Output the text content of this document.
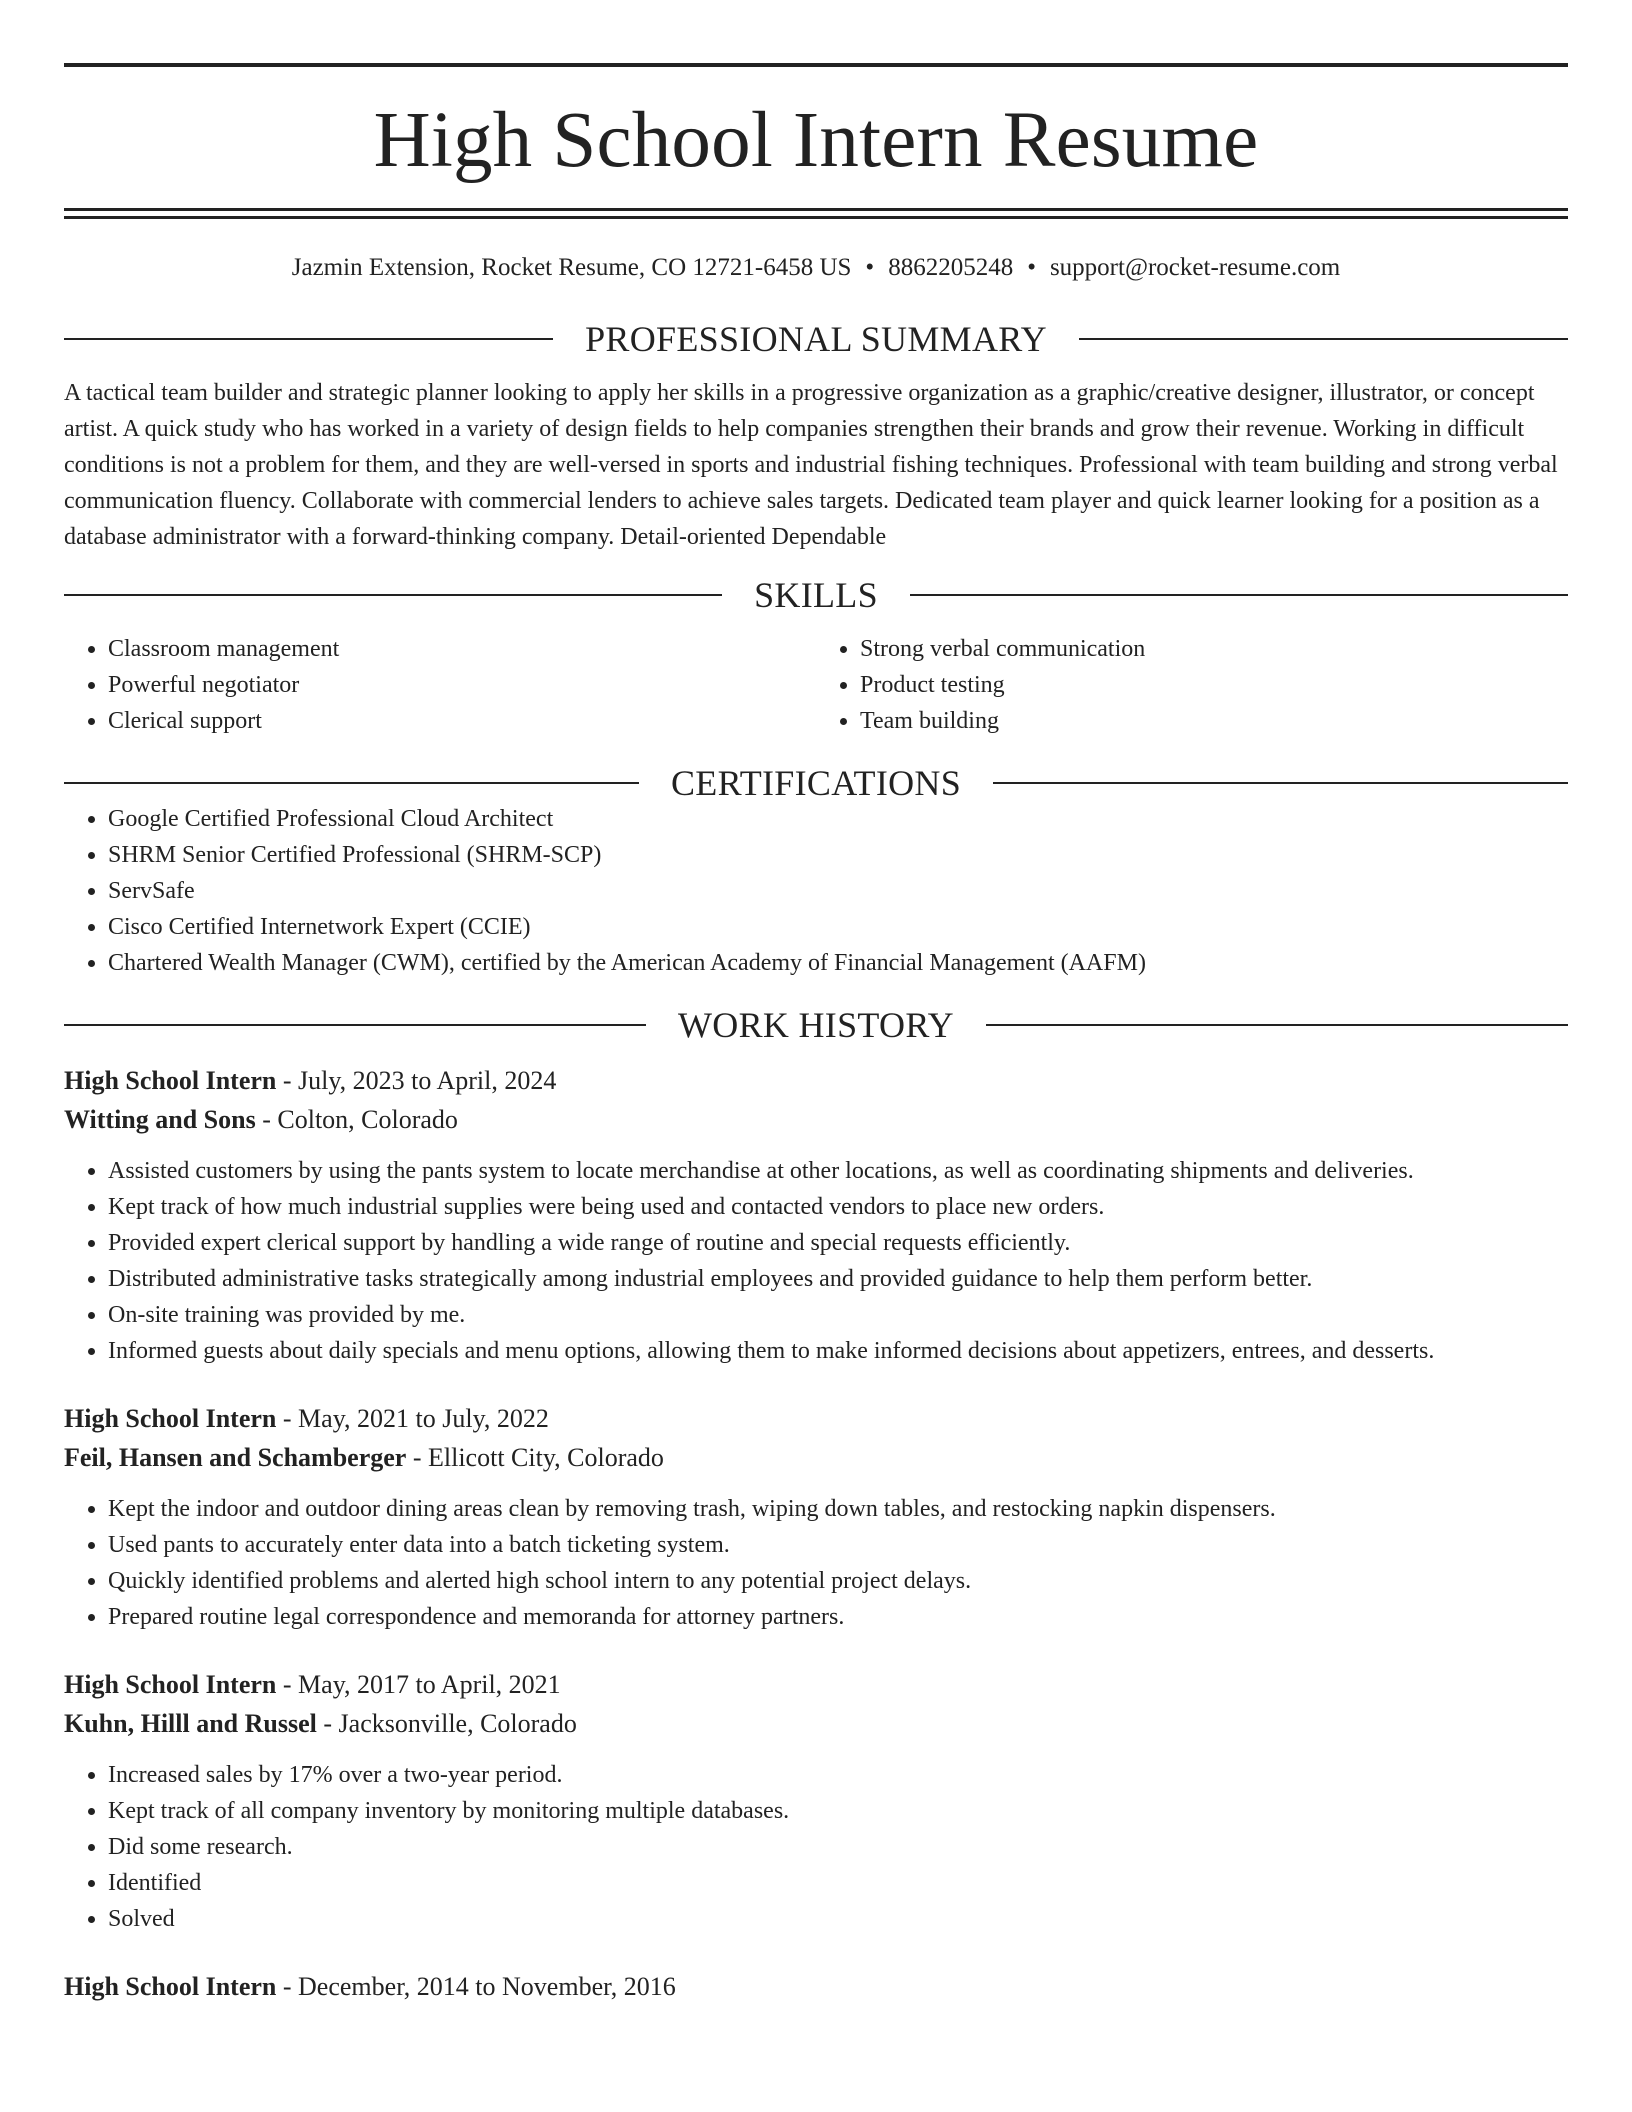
High School Intern Resume
Jazmin Extension, Rocket Resume, CO 12721-6458 US • 8862205248 • support@rocket-resume.com
PROFESSIONAL SUMMARY

A tactical team builder and strategic planner looking to apply her skills in a progressive organization as a graphic/creative designer, illustrator, or concept artist. A quick study who has worked in a variety of design fields to help companies strengthen their brands and grow their revenue. Working in difficult conditions is not a problem for them, and they are well-versed in sports and industrial fishing techniques. Professional with team building and strong verbal communication fluency. Collaborate with commercial lenders to achieve sales targets. Dedicated team player and quick learner looking for a position as a database administrator with a forward-thinking company. Detail-oriented Dependable

SKILLS
• Classroom management
• Powerful negotiator
• Clerical support
• Strong verbal communication
• Product testing
• Team building
CERTIFICATIONS
• Google Certified Professional Cloud Architect
• SHRM Senior Certified Professional (SHRM-SCP)
• ServSafe
• Cisco Certified Internetwork Expert (CCIE)
• Chartered Wealth Manager (CWM), certified by the American Academy of Financial Management (AAFM)
WORK HISTORY
High School Intern - July, 2023 to April, 2024
Witting and Sons - Colton, Colorado
• Assisted customers by using the pants system to locate merchandise at other locations, as well as coordinating shipments and deliveries.
• Kept track of how much industrial supplies were being used and contacted vendors to place new orders.
• Provided expert clerical support by handling a wide range of routine and special requests efficiently.
• Distributed administrative tasks strategically among industrial employees and provided guidance to help them perform better.
• On-site training was provided by me.
• Informed guests about daily specials and menu options, allowing them to make informed decisions about appetizers, entrees, and desserts.
High School Intern - May, 2021 to July, 2022
Feil, Hansen and Schamberger - Ellicott City, Colorado
• Kept the indoor and outdoor dining areas clean by removing trash, wiping down tables, and restocking napkin dispensers.
• Used pants to accurately enter data into a batch ticketing system.
• Quickly identified problems and alerted high school intern to any potential project delays.
• Prepared routine legal correspondence and memoranda for attorney partners.
High School Intern - May, 2017 to April, 2021
Kuhn, Hilll and Russel - Jacksonville, Colorado
• Increased sales by 17% over a two-year period.
• Kept track of all company inventory by monitoring multiple databases.
• Did some research.
• Identified
• Solved
High School Intern - December, 2014 to November, 2016
